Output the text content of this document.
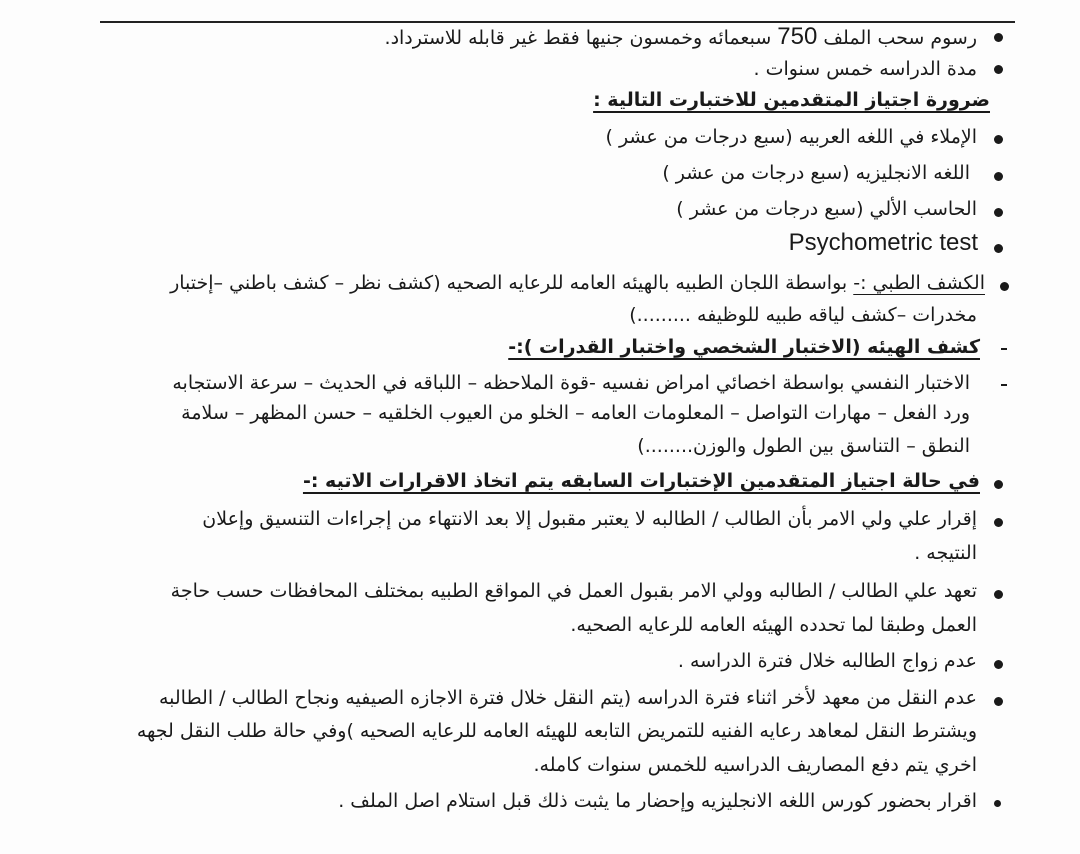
رسوم سحب الملف 750 سبعمائه وخمسون جنيها فقط غير قابله للاسترداد.
مدة الدراسه خمس سنوات .
ضرورة اجتياز المتقدمين للاختبارت التالية :
الإملاء في اللغه العربيه (سبع درجات من عشر )
اللغه الانجليزيه (سبع درجات من عشر )
الحاسب الألي (سبع درجات من عشر )
Psychometric test
الكشف الطبي :- بواسطة اللجان الطبيه بالهيئه العامه للرعايه الصحيه (كشف نظر – كشف باطني –إختبار
مخدرات –كشف لياقه طبيه للوظيفه .........)
كشف الهيئه (الاختبار الشخصي واختبار القدرات ):-
الاختبار النفسي بواسطة اخصائي امراض نفسيه -قوة الملاحظه – اللباقه في الحديث – سرعة الاستجابه
ورد الفعل – مهارات التواصل – المعلومات العامه – الخلو من العيوب الخلقيه – حسن المظهر – سلامة
النطق – التناسق بين الطول والوزن........)
في حالة اجتياز المتقدمين الإختبارات السابقه يتم اتخاذ الاقرارات الاتيه :-
إقرار علي ولي الامر بأن الطالب / الطالبه لا يعتبر مقبول إلا بعد الانتهاء من إجراءات التنسيق وإعلان
النتيجه .
تعهد علي الطالب / الطالبه وولي الامر بقبول العمل في المواقع الطبيه بمختلف المحافظات حسب حاجة
العمل وطبقا لما تحدده الهيئه العامه للرعايه الصحيه.
عدم زواج الطالبه خلال فترة الدراسه .
عدم النقل من معهد لأخر اثناء فترة الدراسه (يتم النقل خلال فترة الاجازه الصيفيه ونجاح الطالب / الطالبه
ويشترط النقل لمعاهد رعايه الفنيه للتمريض التابعه للهيئه العامه للرعايه الصحيه )وفي حالة طلب النقل لجهه
اخري يتم دفع المصاريف الدراسيه للخمس سنوات كامله.
اقرار بحضور كورس اللغه الانجليزيه وإحضار ما يثبت ذلك قبل استلام اصل الملف .
